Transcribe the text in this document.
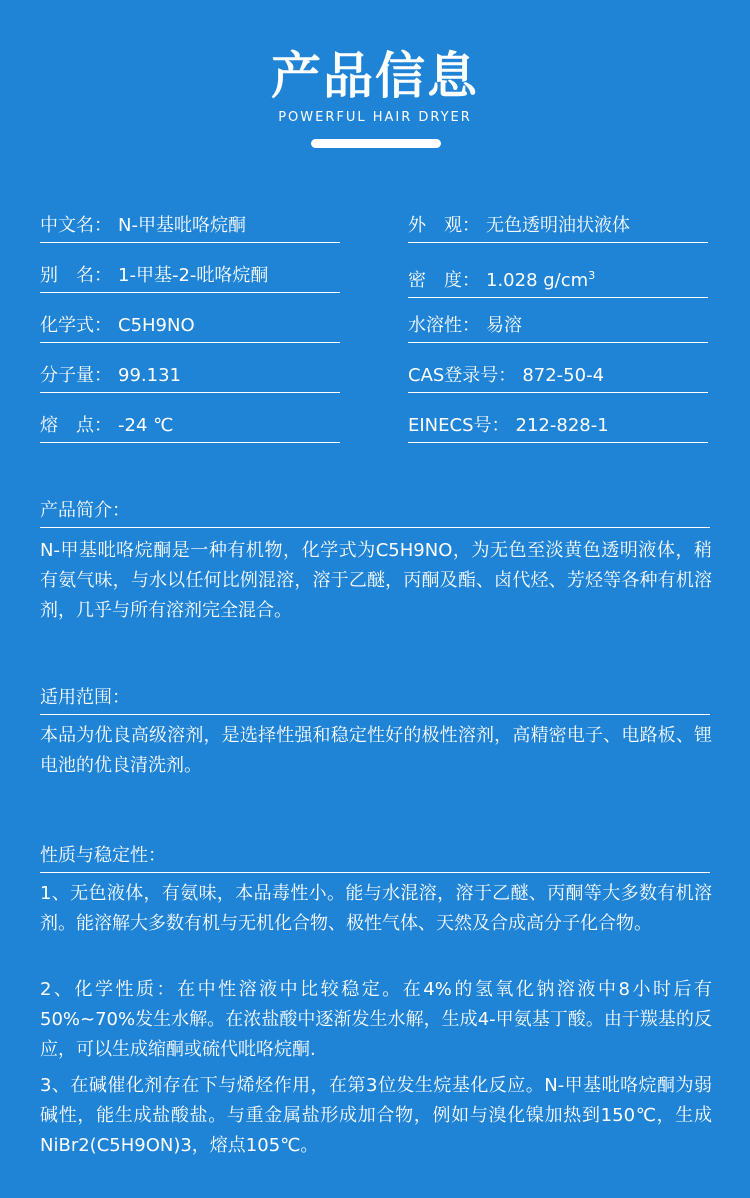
产品信息
POWERFUL HAIR DRYER
中文名： N-甲基吡咯烷酮
别　名： 1-甲基-2-吡咯烷酮
化学式： C5H9NO
分子量： 99.131
熔　点： -24 ℃
外　观： 无色透明油状液体
密　度： 1.028 $g/cm^3$
水溶性： 易溶
CAS登录号： 872-50-4
EINECS号： 212-828-1
产品简介：
N-甲基吡咯烷酮是一种有机物，化学式为C5H9NO，为无色至淡黄色透明液体，稍有氨气味，与水以任何比例混溶，溶于乙醚，丙酮及酯、卤代烃、芳烃等各种有机溶剂，几乎与所有溶剂完全混合。
适用范围：
本品为优良高级溶剂，是选择性强和稳定性好的极性溶剂，高精密电子、电路板、锂电池的优良清洗剂。
性质与稳定性：
1、无色液体，有氨味，本品毒性小。能与水混溶，溶于乙醚、丙酮等大多数有机溶剂。能溶解大多数有机与无机化合物、极性气体、天然及合成高分子化合物。
2、化学性质：在中性溶液中比较稳定。在4%的氢氧化钠溶液中8小时后有50%~70%发生水解。在浓盐酸中逐渐发生水解，生成4-甲氨基丁酸。由于羰基的反应，可以生成缩酮或硫代吡咯烷酮.
3、在碱催化剂存在下与烯烃作用，在第3位发生烷基化反应。N-甲基吡咯烷酮为弱碱性，能生成盐酸盐。与重金属盐形成加合物，例如与溴化镍加热到150℃，生成NiBr2(C5H9ON)3，熔点105℃。
